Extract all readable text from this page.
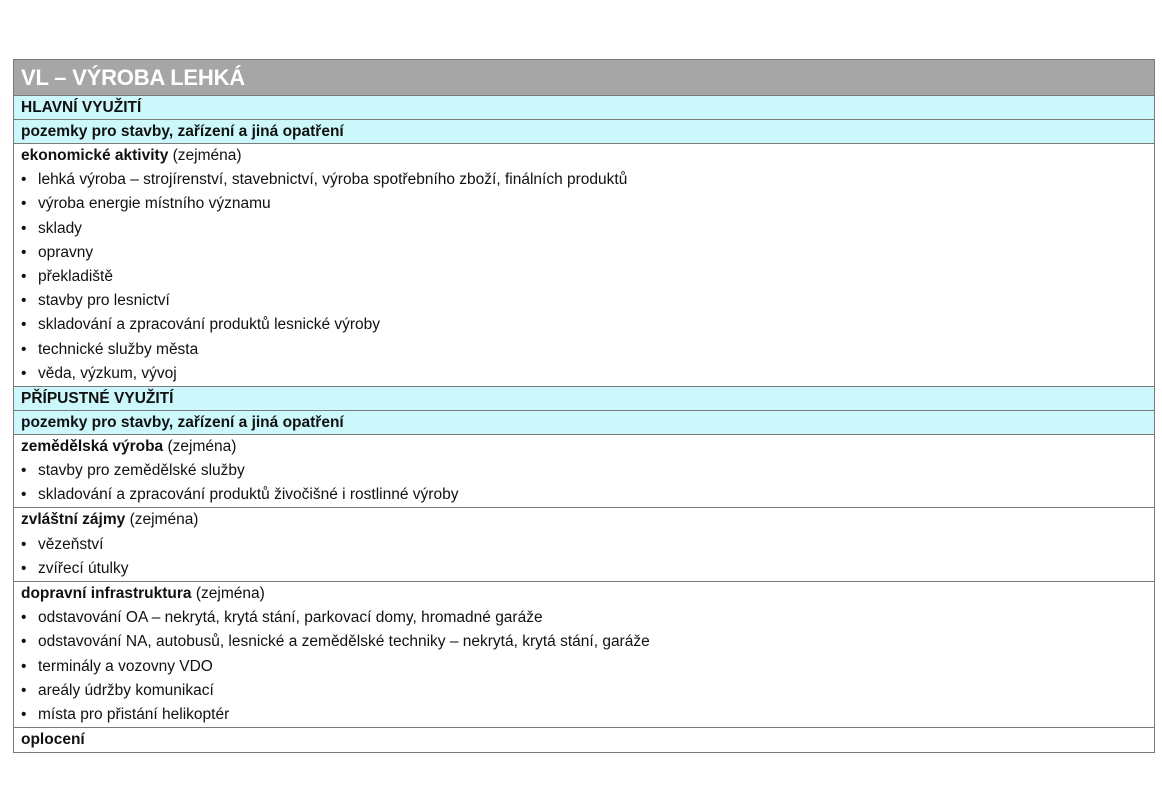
VL – VÝROBA LEHKÁ
HLAVNÍ VYUŽITÍ
pozemky pro stavby, zařízení a jiná opatření
ekonomické aktivity (zejména)
• lehká výroba – strojírenství, stavebnictví, výroba spotřebního zboží, finálních produktů
• výroba energie místního významu
• sklady
• opravny
• překladiště
• stavby pro lesnictví
• skladování a zpracování produktů lesnické výroby
• technické služby města
• věda, výzkum, vývoj
PŘÍPUSTNÉ VYUŽITÍ
pozemky pro stavby, zařízení a jiná opatření
zemědělská výroba (zejména)
• stavby pro zemědělské služby
• skladování a zpracování produktů živočišné i rostlinné výroby
zvláštní zájmy (zejména)
• vězeňství
• zvířecí útulky
dopravní infrastruktura (zejména)
• odstavování OA – nekrytá, krytá stání, parkovací domy, hromadné garáže
• odstavování NA, autobusů, lesnické a zemědělské techniky – nekrytá, krytá stání, garáže
• terminály a vozovny VDO
• areály údržby komunikací
• místa pro přistání helikoptér
oplocení
